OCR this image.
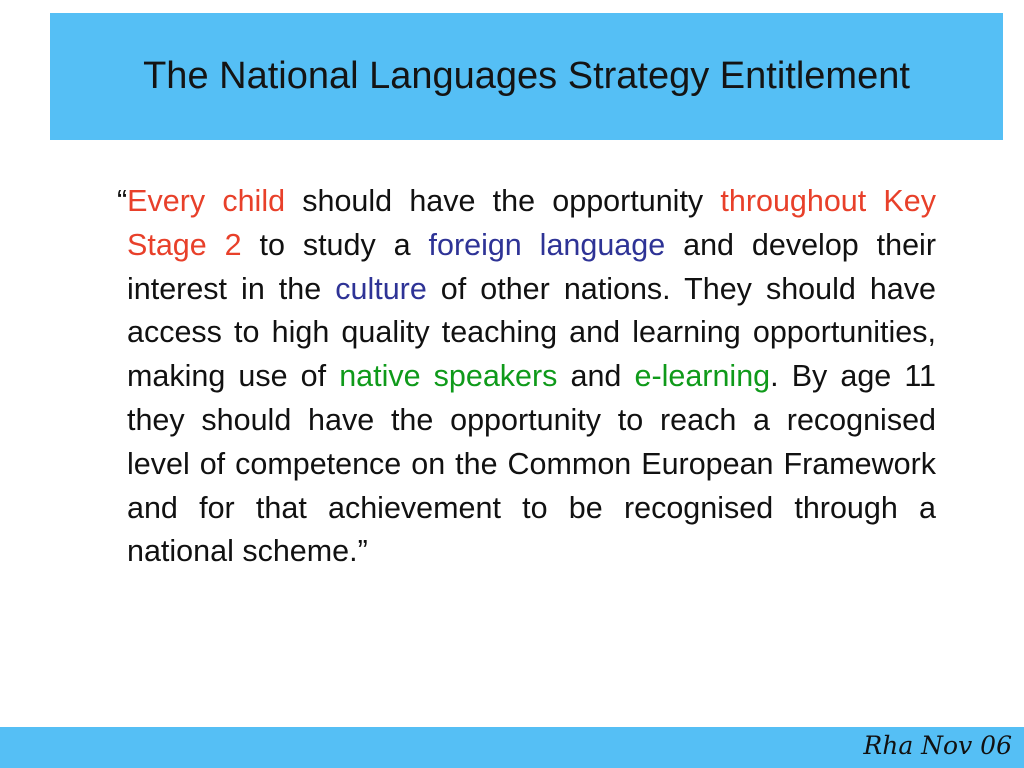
The National Languages Strategy Entitlement

“Every child should have the opportunity throughout Key Stage 2 to study a foreign language and develop their interest in the culture of other nations. They should have access to high quality teaching and learning opportunities, making use of native speakers and e-learning. By age 11 they should have the opportunity to reach a recognised level of competence on the Common European Framework and for that achievement to be recognised through a national scheme.”

Rha Nov 06
